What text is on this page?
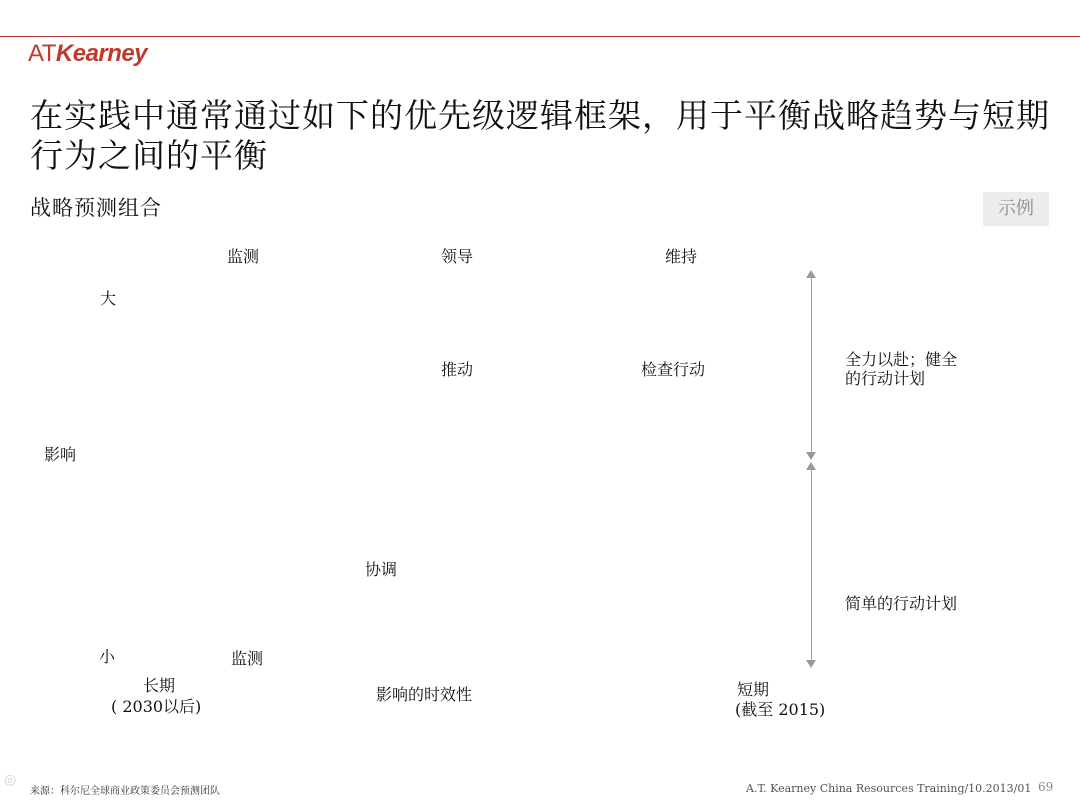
ATKearney
在实践中通常通过如下的优先级逻辑框架，用于平衡战略趋势与短期行为之间的平衡
战略预测组合	示例
监测	领导	维持
推动	检查行动
协调
监测
大
影响
小
长期
( 2030以后)
影响的时效性	短期
(截至 2015)
全力以赴；健全的行动计划
简单的行动计划
◎
来源：科尔尼全球商业政策委员会预测团队	A.T. Kearney China Resources Training/10.2013/01 69
